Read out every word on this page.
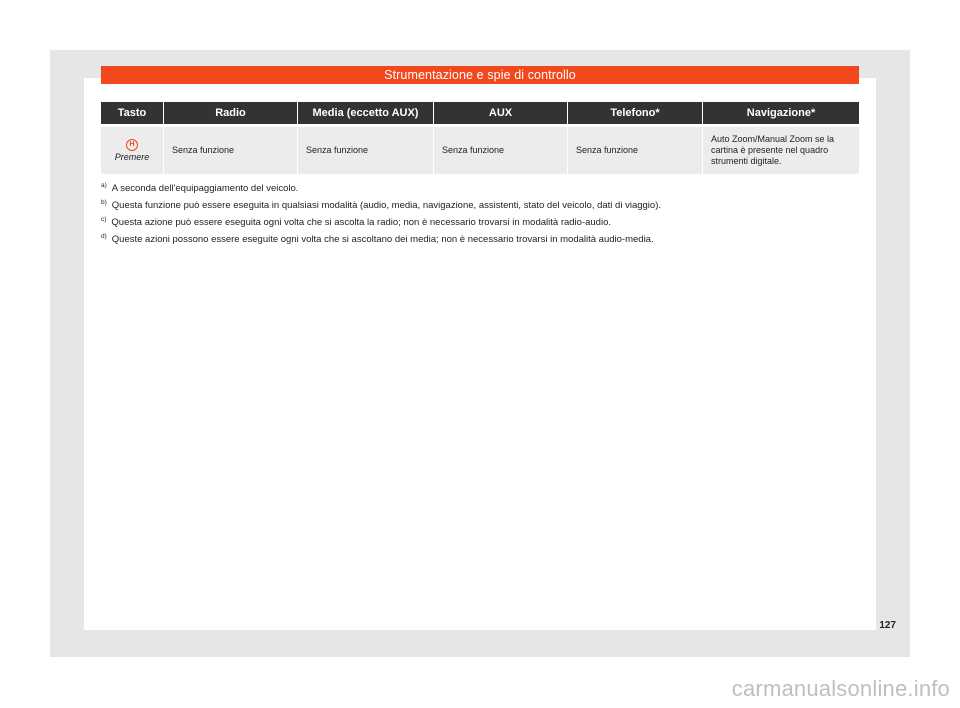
Strumentazione e spie di controllo
Tasto	Radio	Media (eccetto AUX)	AUX	Telefono*	Navigazione*
H
Premere	Senza funzione	Senza funzione	Senza funzione	Senza funzione	Auto Zoom/Manual Zoom se la cartina è presente nel quadro strumenti digitale.
$^{a)}$ A seconda dell'equipaggiamento del veicolo.
$^{b)}$ Questa funzione può essere eseguita in qualsiasi modalità (audio, media, navigazione, assistenti, stato del veicolo, dati di viaggio).
$^{c)}$ Questa azione può essere eseguita ogni volta che si ascolta la radio; non è necessario trovarsi in modalità radio-audio.
$^{d)}$ Queste azioni possono essere eseguite ogni volta che si ascoltano dei media; non è necessario trovarsi in modalità audio-media.
127
carmanualsonline.info
